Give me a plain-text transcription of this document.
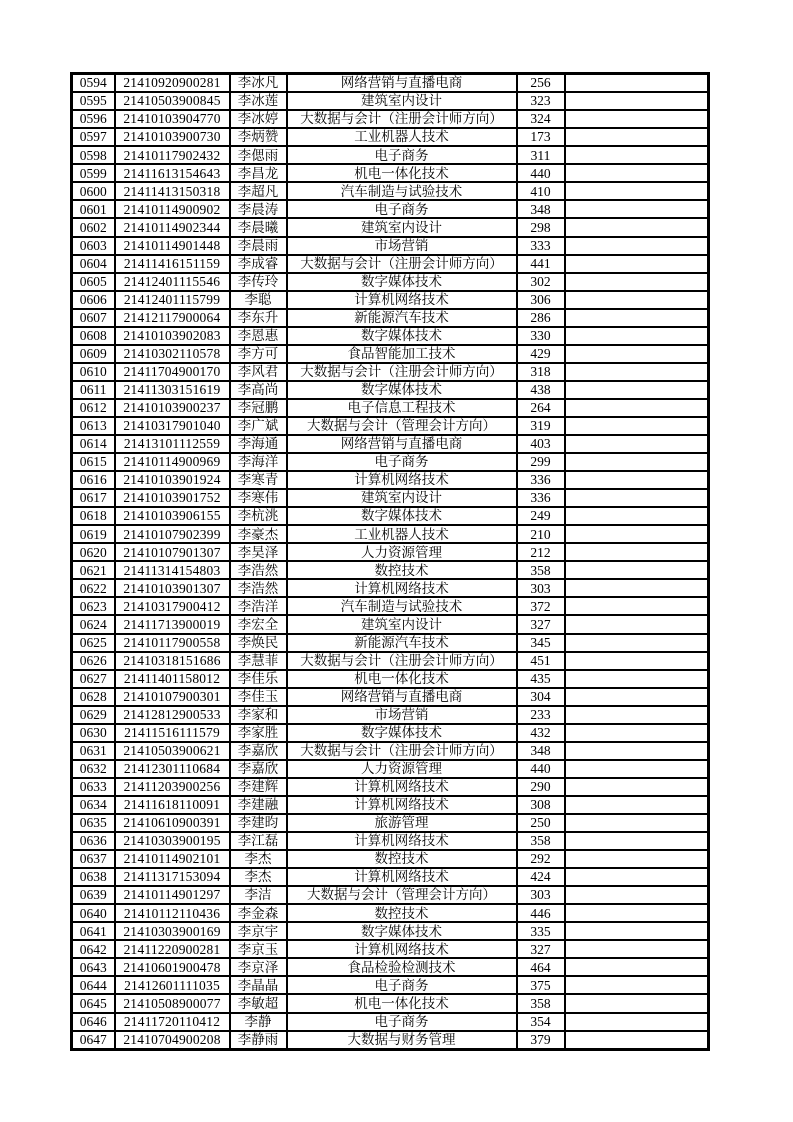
0594	21410920900281	李冰凡	网络营销与直播电商	256	
0595	21410503900845	李冰莲	建筑室内设计	323	
0596	21410103904770	李冰婷	大数据与会计（注册会计师方向）	324	
0597	21410103900730	李炳赞	工业机器人技术	173	
0598	21410117902432	李偲雨	电子商务	311	
0599	21411613154643	李昌龙	机电一体化技术	440	
0600	21411413150318	李超凡	汽车制造与试验技术	410	
0601	21410114900902	李晨涛	电子商务	348	
0602	21410114902344	李晨曦	建筑室内设计	298	
0603	21410114901448	李晨雨	市场营销	333	
0604	21411416151159	李成睿	大数据与会计（注册会计师方向）	441	
0605	21412401115546	李传玲	数字媒体技术	302	
0606	21412401115799	李聪	计算机网络技术	306	
0607	21412117900064	李东升	新能源汽车技术	286	
0608	21410103902083	李恩惠	数字媒体技术	330	
0609	21410302110578	李方可	食品智能加工技术	429	
0610	21411704900170	李风君	大数据与会计（注册会计师方向）	318	
0611	21411303151619	李高尚	数字媒体技术	438	
0612	21410103900237	李冠鹏	电子信息工程技术	264	
0613	21410317901040	李广斌	大数据与会计（管理会计方向）	319	
0614	21413101112559	李海通	网络营销与直播电商	403	
0615	21410114900969	李海洋	电子商务	299	
0616	21410103901924	李寒青	计算机网络技术	336	
0617	21410103901752	李寒伟	建筑室内设计	336	
0618	21410103906155	李杭洮	数字媒体技术	249	
0619	21410107902399	李豪杰	工业机器人技术	210	
0620	21410107901307	李昊泽	人力资源管理	212	
0621	21411314154803	李浩然	数控技术	358	
0622	21410103901307	李浩然	计算机网络技术	303	
0623	21410317900412	李浩洋	汽车制造与试验技术	372	
0624	21411713900019	李宏全	建筑室内设计	327	
0625	21410117900558	李焕民	新能源汽车技术	345	
0626	21410318151686	李慧菲	大数据与会计（注册会计师方向）	451	
0627	21411401158012	李佳乐	机电一体化技术	435	
0628	21410107900301	李佳玉	网络营销与直播电商	304	
0629	21412812900533	李家和	市场营销	233	
0630	21411516111579	李家胜	数字媒体技术	432	
0631	21410503900621	李嘉欣	大数据与会计（注册会计师方向）	348	
0632	21412301110684	李嘉欣	人力资源管理	440	
0633	21411203900256	李建辉	计算机网络技术	290	
0634	21411618110091	李建融	计算机网络技术	308	
0635	21410610900391	李建昀	旅游管理	250	
0636	21410303900195	李江磊	计算机网络技术	358	
0637	21410114902101	李杰	数控技术	292	
0638	21411317153094	李杰	计算机网络技术	424	
0639	21410114901297	李洁	大数据与会计（管理会计方向）	303	
0640	21410112110436	李金森	数控技术	446	
0641	21410303900169	李京宇	数字媒体技术	335	
0642	21411220900281	李京玉	计算机网络技术	327	
0643	21410601900478	李京泽	食品检验检测技术	464	
0644	21412601111035	李晶晶	电子商务	375	
0645	21410508900077	李敏超	机电一体化技术	358	
0646	21411720110412	李静	电子商务	354	
0647	21410704900208	李静雨	大数据与财务管理	379	
